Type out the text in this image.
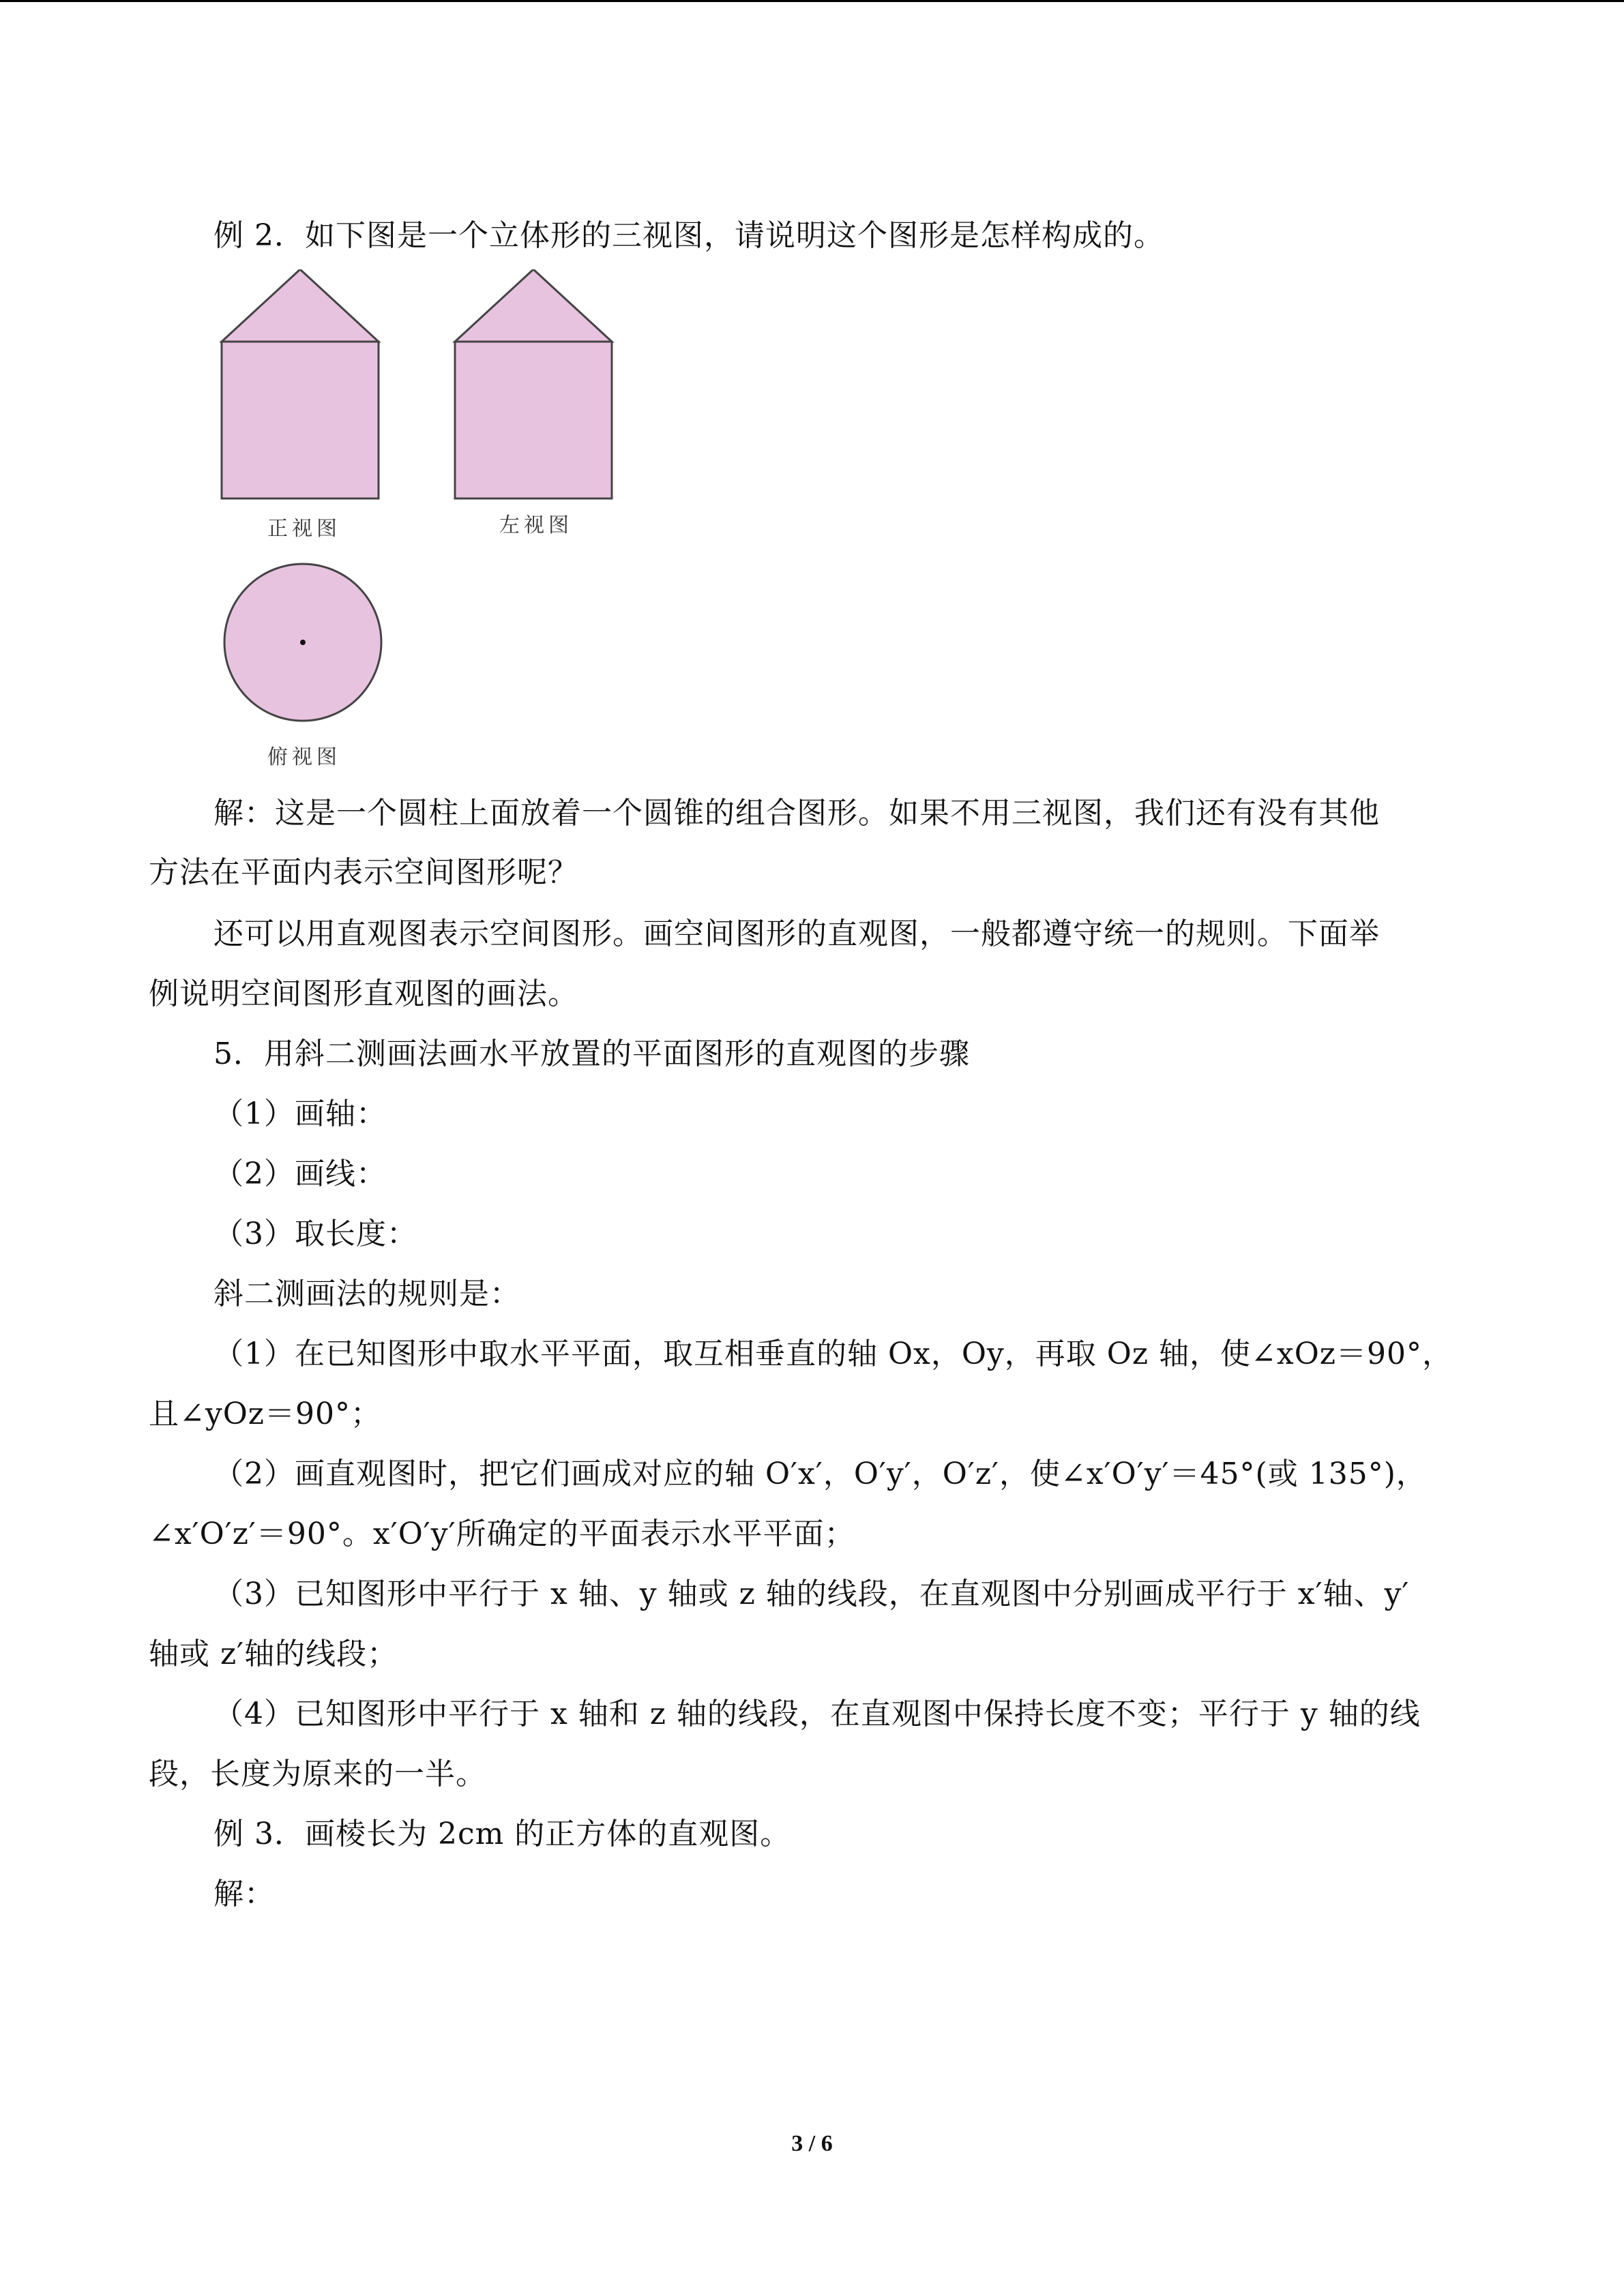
例 2．如下图是一个立体形的三视图，请说明这个图形是怎样构成的。
正视图	左视图
俯视图
解：这是一个圆柱上面放着一个圆锥的组合图形。如果不用三视图，我们还有没有其他
方法在平面内表示空间图形呢？
还可以用直观图表示空间图形。画空间图形的直观图，一般都遵守统一的规则。下面举
例说明空间图形直观图的画法。
5．用斜二测画法画水平放置的平面图形的直观图的步骤
（1）画轴：
（2）画线：
（3）取长度：
斜二测画法的规则是：
（1）在已知图形中取水平平面，取互相垂直的轴 Ox，Oy，再取 Oz 轴，使∠xOz＝90°，
且∠yOz＝90°；
（2）画直观图时，把它们画成对应的轴 O′x′，O′y′，O′z′，使∠x′O′y′＝45°(或 135°)，
∠x′O′z′＝90°。x′O′y′所确定的平面表示水平平面；
（3）已知图形中平行于 x 轴、y 轴或 z 轴的线段，在直观图中分别画成平行于 x′轴、y′
轴或 z′轴的线段；
（4）已知图形中平行于 x 轴和 z 轴的线段，在直观图中保持长度不变；平行于 y 轴的线
段，长度为原来的一半。
例 3．画棱长为 2cm 的正方体的直观图。
解：
3 / 6
